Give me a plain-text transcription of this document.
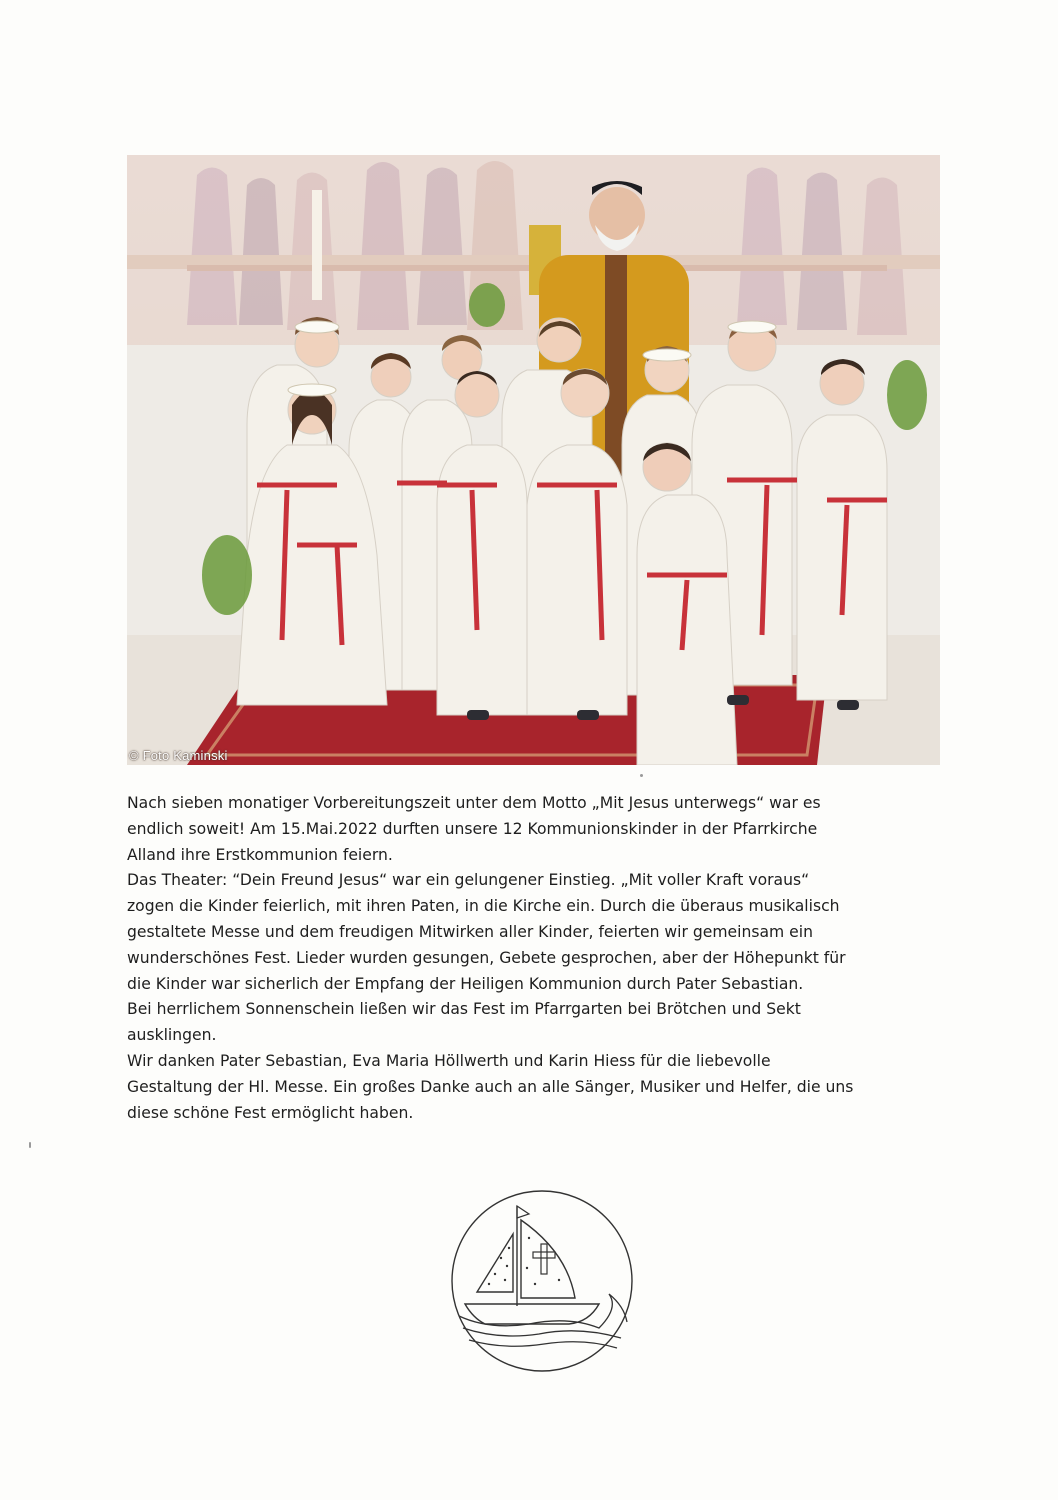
© Foto Kaminski

Nach sieben monatiger Vorbereitungszeit unter dem Motto „Mit Jesus unterwegs“ war es

endlich soweit! Am 15.Mai.2022 durften unsere 12 Kommunionskinder in der Pfarrkirche

Alland ihre Erstkommunion feiern.

Das Theater: “Dein Freund Jesus“ war ein gelungener Einstieg. „Mit voller Kraft voraus“

zogen die Kinder feierlich, mit ihren Paten, in die Kirche ein. Durch die überaus musikalisch

gestaltete Messe und dem freudigen Mitwirken aller Kinder, feierten wir gemeinsam ein

wunderschönes Fest. Lieder wurden gesungen, Gebete gesprochen, aber der Höhepunkt für

die Kinder war sicherlich der Empfang der Heiligen Kommunion durch Pater Sebastian.

Bei herrlichem Sonnenschein ließen wir das Fest im Pfarrgarten bei Brötchen und Sekt

ausklingen.

Wir danken Pater Sebastian, Eva Maria Höllwerth und Karin Hiess für die liebevolle

Gestaltung der Hl. Messe. Ein großes Danke auch an alle Sänger, Musiker und Helfer, die uns

diese schöne Fest ermöglicht haben.
